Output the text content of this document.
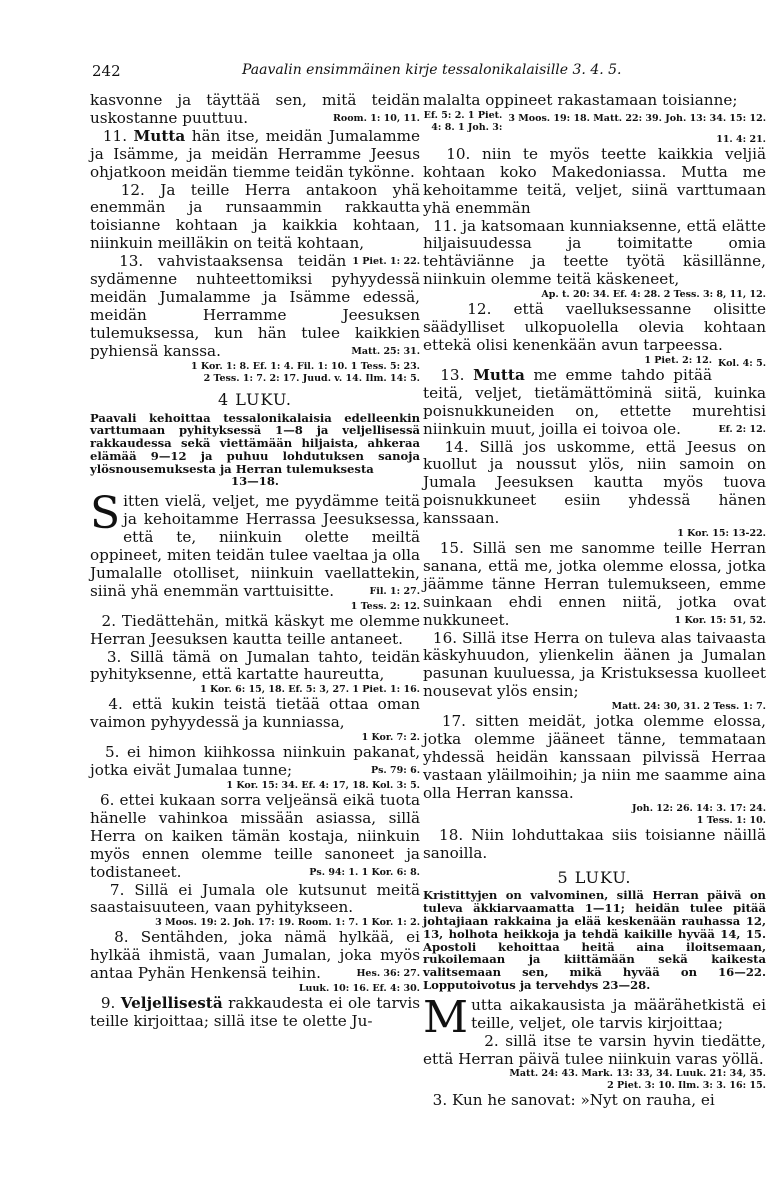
242	Paavalin ensimmäinen kirje tessalonikalaisille 3. 4. 5.

kasvonne ja täyttää sen, mitä teidän uskostanne puuttuu.	Room. 1: 10, 11.

11. Mutta hän itse, meidän Jumalamme ja Isämme, ja meidän Herramme Jeesus ohjatkoon meidän tiemme teidän tykönne.

12. Ja teille Herra antakoon yhä enemmän ja runsaammin rakkautta toisianne kohtaan ja kaikkia kohtaan, niinkuin meilläkin on teitä kohtaan,
1 Piet. 1: 22.

13. vahvistaaksensa teidän sydämenne nuhteettomiksi pyhyydessä meidän Jumalamme ja Isämme edessä, meidän Herramme Jeesuksen tulemuksessa, kun hän tulee kaikkien pyhiensä kanssa.	Matt. 25: 31.

1 Kor. 1: 8. Ef. 1: 4. Fil. 1: 10. 1 Tess. 5: 23.
2 Tess. 1: 7. 2: 17. Juud. v. 14. Ilm. 14: 5.
4 LUKU.
Paavali kehoittaa tessalonikalaisia edelleenkin varttumaan pyhityksessä 1—8 ja veljellisessä rakkaudessa sekä viettämään hiljaista, ahkeraa elämää 9—12 ja puhuu lohdutuksen sanoja ylösnousemuksesta ja Herran tulemuksesta
13—18.

Sitten vielä, veljet, me pyydämme teitä ja kehoitamme Herrassa Jeesuksessa, että te, niinkuin olette meiltä oppineet, miten teidän tulee vaeltaa ja olla Jumalalle otolliset, niinkuin vaellattekin, siinä yhä enemmän varttuisitte.	Fil. 1: 27.

1 Tess. 2: 12.

2. Tiedättehän, mitkä käskyt me olemme Herran Jeesuksen kautta teille antaneet.

3. Sillä tämä on Jumalan tahto, teidän pyhityksenne, että kartatte haureutta,

1 Kor. 6: 15, 18. Ef. 5: 3, 27. 1 Piet. 1: 16.

4. että kukin teistä tietää ottaa oman vaimon pyhyydessä ja kunniassa,

1 Kor. 7: 2.

5. ei himon kiihkossa niinkuin pakanat, jotka eivät Jumalaa tunne;	Ps. 79: 6.

1 Kor. 15: 34. Ef. 4: 17, 18. Kol. 3: 5.

6. ettei kukaan sorra veljeänsä eikä tuota hänelle vahinkoa missään asiassa, sillä Herra on kaiken tämän kostaja, niinkuin myös ennen olemme teille sanoneet ja todistaneet.	Ps. 94: 1. 1 Kor. 6: 8.

7. Sillä ei Jumala ole kutsunut meitä saastaisuuteen, vaan pyhitykseen.

3 Moos. 19: 2. Joh. 17: 19. Room. 1: 7. 1 Kor. 1: 2.

8. Sentähden, joka nämä hylkää, ei hylkää ihmistä, vaan Jumalan, joka myös antaa Pyhän Henkensä teihin.	Hes. 36: 27.

Luuk. 10: 16. Ef. 4: 30.

9. Veljellisestä rakkaudesta ei ole tarvis teille kirjoittaa; sillä itse te olette Ju-

malalta oppineet rakastamaan toisianne;
3 Moos. 19: 18. Matt. 22: 39. Joh. 13: 34. 15: 12.

Ef. 5: 2. 1 Piet. 4: 8. 1 Joh. 3: 11. 4: 21.

10. niin te myös teette kaikkia veljiä kohtaan koko Makedoniassa. Mutta me kehoitamme teitä, veljet, siinä varttumaan yhä enemmän

11. ja katsomaan kunniaksenne, että elätte hiljaisuudessa ja toimitatte omia tehtäviänne ja teette työtä käsillänne, niinkuin olemme teitä käskeneet,

Ap. t. 20: 34. Ef. 4: 28. 2 Tess. 3: 8, 11, 12.

12. että vaelluksessanne olisitte säädylliset ulkopuolella olevia kohtaan ettekä olisi kenenkään avun tarpeessa.
Kol. 4: 5.

1 Piet. 2: 12.

13. Mutta me emme tahdo pitää teitä, veljet, tietämättöminä siitä, kuinka poisnukkuneiden on, ettette murehtisi niinkuin muut, joilla ei toivoa ole.	Ef. 2: 12.

14. Sillä jos uskomme, että Jeesus on kuollut ja noussut ylös, niin samoin on Jumala Jeesuksen kautta myös tuova poisnukkuneet esiin yhdessä hänen kanssaan.

1 Kor. 15: 13-22.

15. Sillä sen me sanomme teille Herran sanana, että me, jotka olemme elossa, jotka jäämme tänne Herran tulemukseen, emme suinkaan ehdi ennen niitä, jotka ovat nukkuneet.	1 Kor. 15: 51, 52.

16. Sillä itse Herra on tuleva alas taivaasta käskyhuudon, ylienkelin äänen ja Jumalan pasunan kuuluessa, ja Kristuksessa kuolleet nousevat ylös ensin;

Matt. 24: 30, 31. 2 Tess. 1: 7.

17. sitten meidät, jotka olemme elossa, jotka olemme jääneet tänne, temmataan yhdessä heidän kanssaan pilvissä Herraa vastaan yläilmoihin; ja niin me saamme aina olla Herran kanssa.

Joh. 12: 26. 14: 3. 17: 24.
1 Tess. 1: 10.

18. Niin lohduttakaa siis toisianne näillä sanoilla.

5 LUKU.
Kristittyjen on valvominen, sillä Herran päivä on tuleva äkkiarvaamatta 1—11; heidän tulee pitää johtajiaan rakkaina ja elää keskenään rauhassa 12, 13, holhota heikkoja ja tehdä kaikille hyvää 14, 15. Apostoli kehoittaa heitä aina iloitsemaan, rukoilemaan ja kiittämään sekä kaikesta valitsemaan sen, mikä hyvää on 16—22. Lopputoivotus ja tervehdys 23—28.

Mutta aikakausista ja määrähetkistä ei teille, veljet, ole tarvis kirjoittaa;

2. sillä itse te varsin hyvin tiedätte, että Herran päivä tulee niinkuin varas yöllä.

Matt. 24: 43. Mark. 13: 33, 34. Luuk. 21: 34, 35.
2 Piet. 3: 10. Ilm. 3: 3. 16: 15.

3. Kun he sanovat: »Nyt on rauha, ei
